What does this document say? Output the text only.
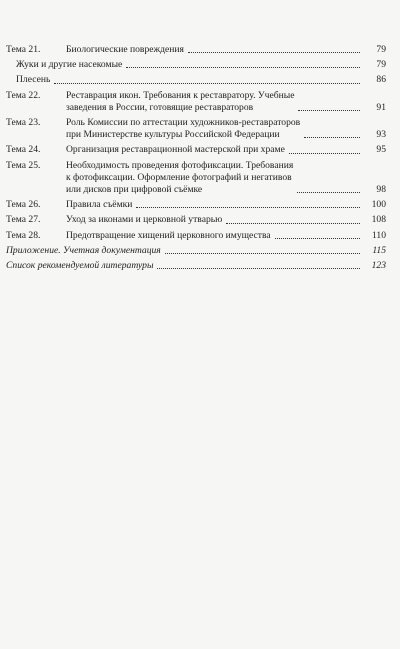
Тема 21.	Биологические повреждения	79
Жуки и другие насекомые	79
Плесень	86
Тема 22.	Реставрация икон. Требования к реставратору. Учебные
заведения в России, готовящие реставраторов	91
Тема 23.	Роль Комиссии по аттестации художников-реставраторов
при Министерстве культуры Российской Федерации	93
Тема 24.	Организация реставрационной мастерской при храме	95
Тема 25.	Необходимость проведения фотофиксации. Требования
к фотофиксации. Оформление фотографий и негативов
или дисков при цифровой съёмке	98
Тема 26.	Правила съёмки	100
Тема 27.	Уход за иконами и церковной утварью	108
Тема 28.	Предотвращение хищений церковного имущества	110
Приложение. Учетная документация	115
Список рекомендуемой литературы	123
